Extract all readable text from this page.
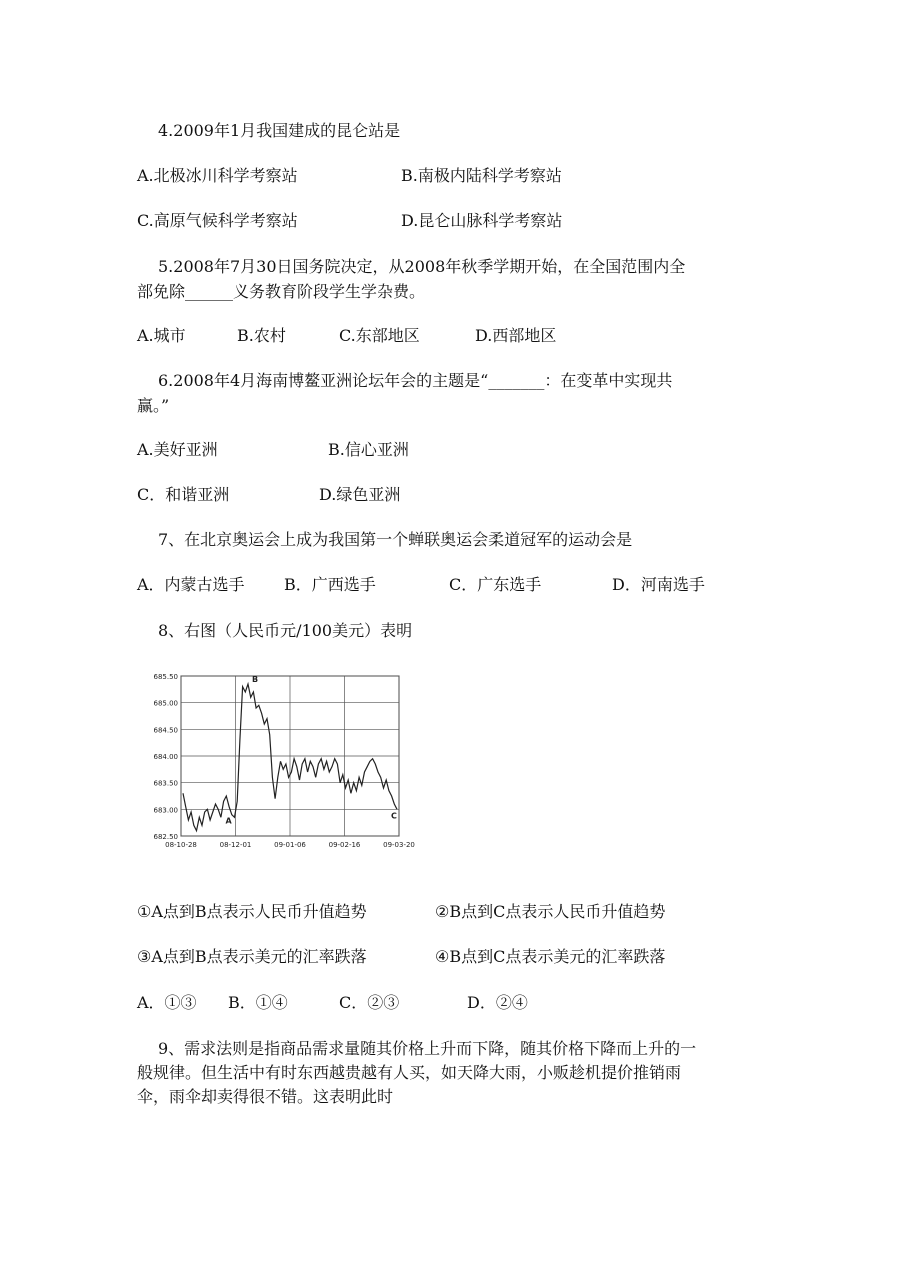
4.2009年1月我国建成的昆仑站是
A.北极冰川科学考察站	B.南极内陆科学考察站
C.高原气候科学考察站	D.昆仑山脉科学考察站
5.2008年7月30日国务院决定，从2008年秋季学期开始，在全国范围内全
部免除______义务教育阶段学生学杂费。
A.城市	B.农村	C.东部地区	D.西部地区
6.2008年4月海南博鳌亚洲论坛年会的主题是“_______：在变革中实现共
赢。”
A.美好亚洲	B.信心亚洲
C．和谐亚洲	D.绿色亚洲
7、在北京奥运会上成为我国第一个蝉联奥运会柔道冠军的运动会是
A．内蒙古选手 B．广西选手	C．广东选手	D．河南选手
8、右图（人民币元/100美元）表明
685.50
685.00
684.50
684.00
683.50
683.00
682.50
08-10-28	08-12-01	09-01-06	09-02-16	09-03-20
A
B
C
①A点到B点表示人民币升值趋势	②B点到C点表示人民币升值趋势
③A点到B点表示美元的汇率跌落	④B点到C点表示美元的汇率跌落
A．①③ B．①④	C．②③	D．②④
9、需求法则是指商品需求量随其价格上升而下降，随其价格下降而上升的一
般规律。但生活中有时东西越贵越有人买，如天降大雨，小贩趁机提价推销雨
伞，雨伞却卖得很不错。这表明此时
